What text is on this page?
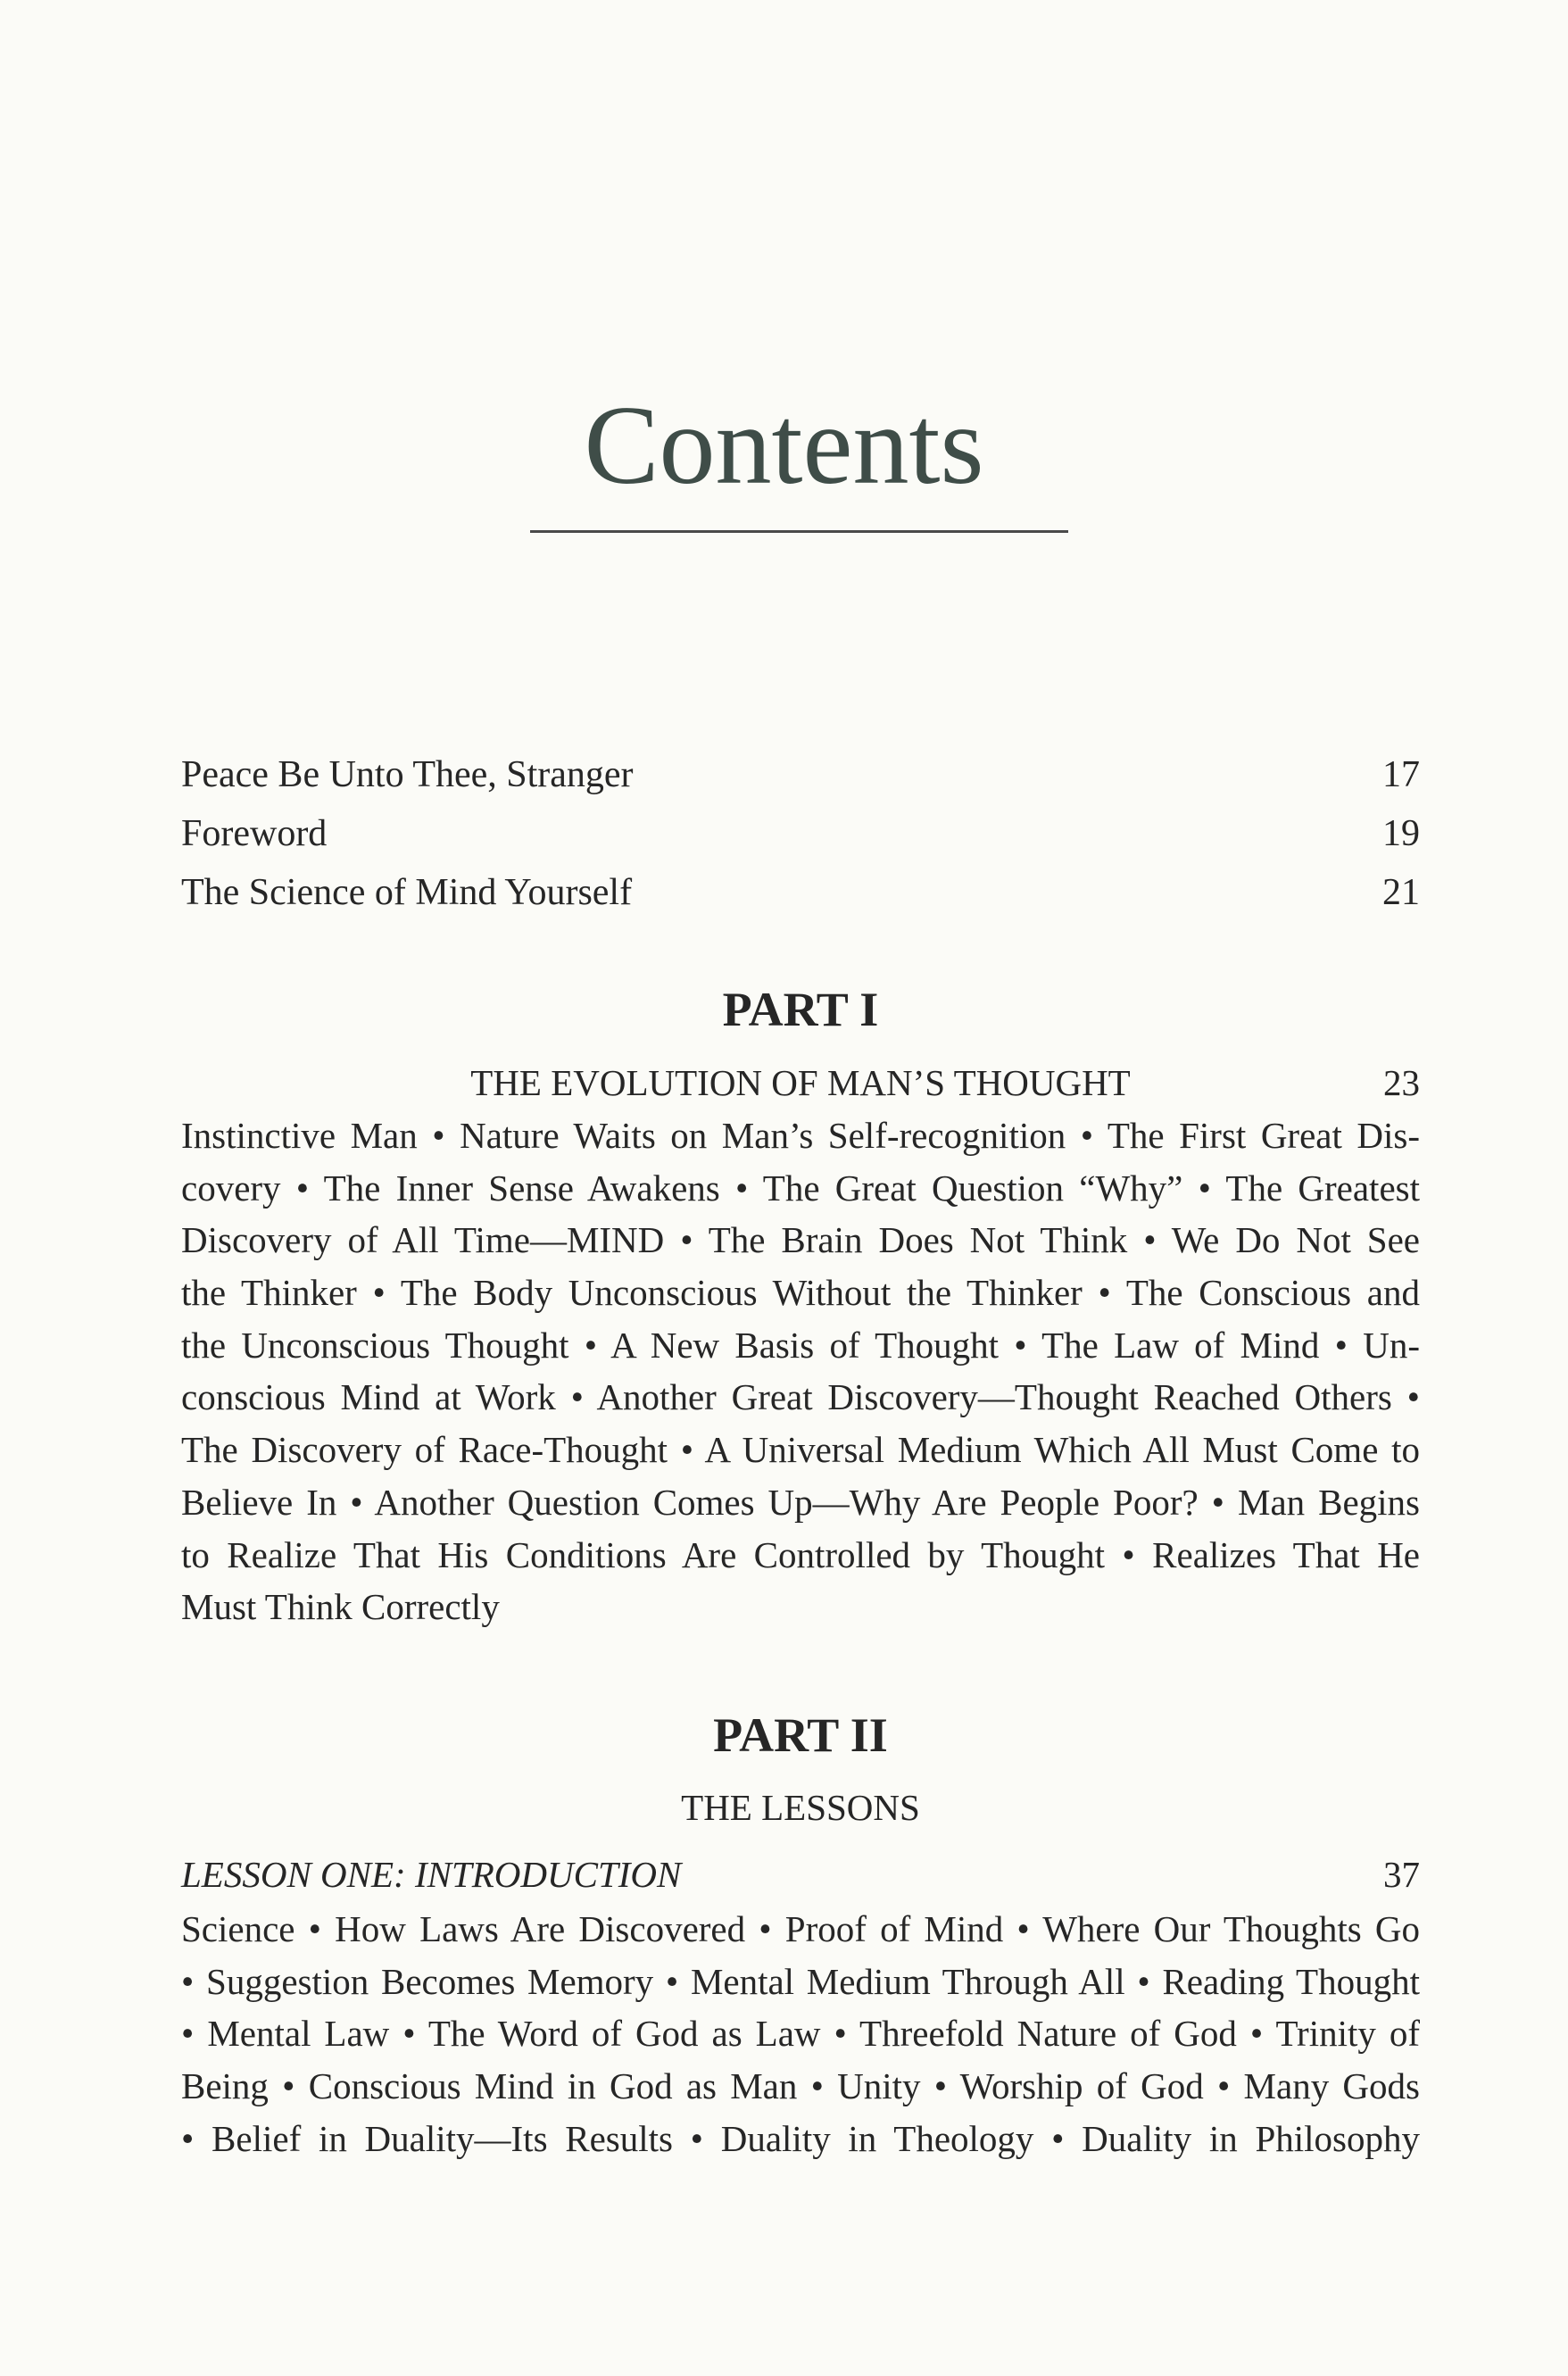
Contents
Peace Be Unto Thee, Stranger	17
Foreword	19
The Science of Mind Yourself	21
PART I
THE EVOLUTION OF MAN’S THOUGHT	23
Instinctive Man • Nature Waits on Man’s Self-recognition • The First Great Dis-
covery • The Inner Sense Awakens • The Great Question “Why” • The Greatest
Discovery of All Time—MIND • The Brain Does Not Think • We Do Not See
the Thinker • The Body Unconscious Without the Thinker • The Conscious and
the Unconscious Thought • A New Basis of Thought • The Law of Mind • Un-
conscious Mind at Work • Another Great Discovery—Thought Reached Others •
The Discovery of Race-Thought • A Universal Medium Which All Must Come to
Believe In • Another Question Comes Up—Why Are People Poor? • Man Begins
to Realize That His Conditions Are Controlled by Thought • Realizes That He
Must Think Correctly
PART II
THE LESSONS
LESSON ONE: INTRODUCTION	37
Science • How Laws Are Discovered • Proof of Mind • Where Our Thoughts Go
• Suggestion Becomes Memory • Mental Medium Through All • Reading Thought
• Mental Law • The Word of God as Law • Threefold Nature of God • Trinity of
Being • Conscious Mind in God as Man • Unity • Worship of God • Many Gods
• Belief in Duality—Its Results • Duality in Theology • Duality in Philosophy
